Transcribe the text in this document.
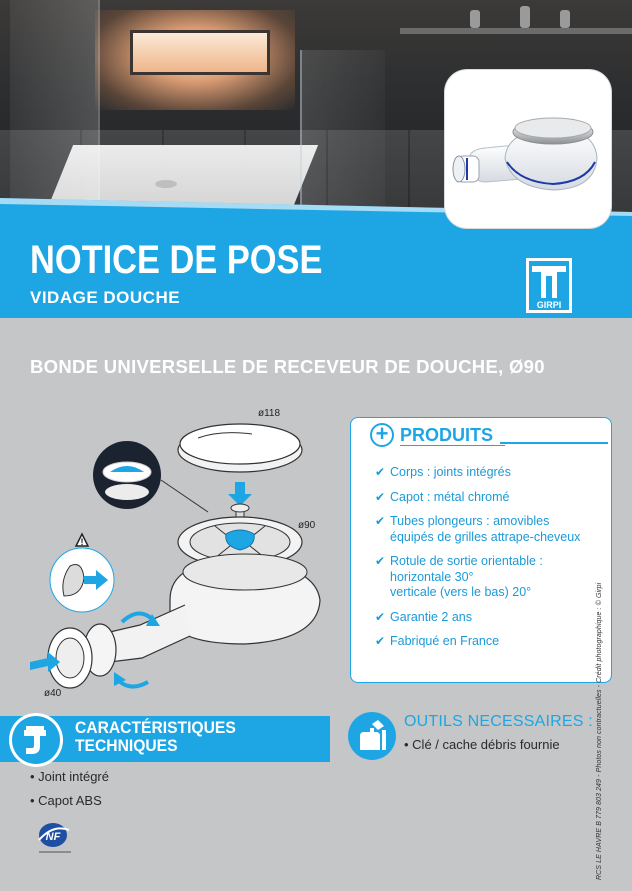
NOTICE DE POSE
VIDAGE DOUCHE	GIRPI
BONDE UNIVERSELLE DE RECEVEUR DE DOUCHE, Ø90
ø118
ø90
ø40
!
+ PRODUITS
✔ Corps : joints intégrés
✔ Capot : métal chromé
✔ Tubes plongeurs : amovibles
équipés de grilles attrape-cheveux
✔ Rotule de sortie orientable :
horizontale 30°
verticale (vers le bas) 20°
✔ Garantie 2 ans
✔ Fabriqué en France
CARACTÉRISTIQUES
TECHNIQUES
• Joint intégré
• Capot ABS
NF
OUTILS NECESSAIRES :
• Clé / cache débris fournie	RCS LE HAVRE B 779 803 249 - Photos non contractuelles - Crédit photographique : © Girpi
